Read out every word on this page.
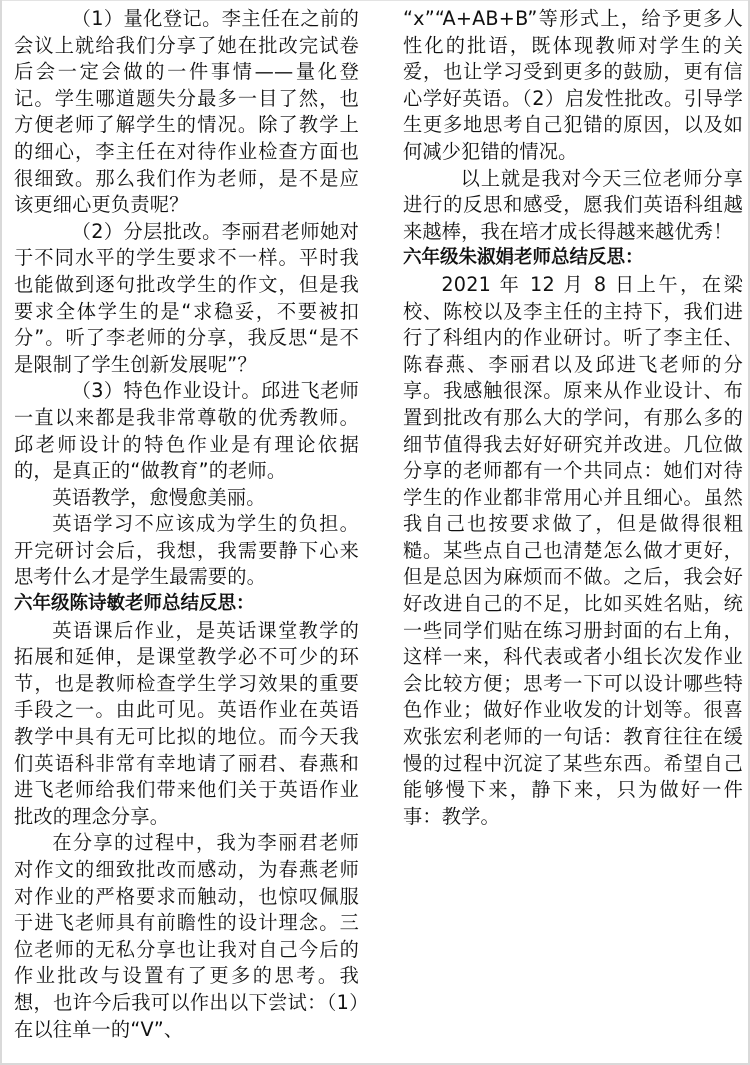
（1）量化登记。李主任在之前的会议上就给我们分享了她在批改完试卷后会一定会做的一件事情——量化登记。学生哪道题失分最多一目了然，也方便老师了解学生的情况。除了教学上的细心，李主任在对待作业检查方面也很细致。那么我们作为老师，是不是应该更细心更负责呢？

（2）分层批改。李丽君老师她对于不同水平的学生要求不一样。平时我也能做到逐句批改学生的作文，但是我要求全体学生的是“求稳妥，不要被扣分”。听了李老师的分享，我反思“是不是限制了学生创新发展呢”？

（3）特色作业设计。邱进飞老师一直以来都是我非常尊敬的优秀教师。邱老师设计的特色作业是有理论依据的，是真正的“做教育”的老师。

英语教学，愈慢愈美丽。

英语学习不应该成为学生的负担。开完研讨会后，我想，我需要静下心来思考什么才是学生最需要的。

六年级陈诗敏老师总结反思：

英语课后作业，是英话课堂教学的拓展和延伸，是课堂教学必不可少的环节，也是教师检查学生学习效果的重要手段之一。由此可见。英语作业在英语教学中具有无可比拟的地位。而今天我们英语科非常有幸地请了丽君、春燕和进飞老师给我们带来他们关于英语作业批改的理念分享。

在分享的过程中，我为李丽君老师对作文的细致批改而感动，为春燕老师对作业的严格要求而触动，也惊叹佩服于进飞老师具有前瞻性的设计理念。三位老师的无私分享也让我对自己今后的作业批改与设置有了更多的思考。我想，也许今后我可以作出以下尝试：（1）在以往单一的“V”、

“x”“A+AB+B”等形式上，给予更多人性化的批语，既体现教师对学生的关爱，也让学习受到更多的鼓励，更有信心学好英语。（2）启发性批改。引导学生更多地思考自己犯错的原因，以及如何减少犯错的情况。

以上就是我对今天三位老师分享进行的反思和感受，愿我们英语科组越来越棒，我在培才成长得越来越优秀！

六年级朱淑娟老师总结反思：

2021 年 12 月 8 日上午，在梁校、陈校以及李主任的主持下，我们进行了科组内的作业研讨。听了李主任、陈春燕、李丽君以及邱进飞老师的分享。我感触很深。原来从作业设计、布置到批改有那么大的学问，有那么多的细节值得我去好好研究并改进。几位做分享的老师都有一个共同点：她们对待学生的作业都非常用心并且细心。虽然我自己也按要求做了，但是做得很粗糙。某些点自己也清楚怎么做才更好，但是总因为麻烦而不做。之后，我会好好改进自己的不足，比如买姓名贴，统一些同学们贴在练习册封面的右上角，这样一来，科代表或者小组长次发作业会比较方便；思考一下可以设计哪些特色作业；做好作业收发的计划等。很喜欢张宏利老师的一句话：教育往往在缓慢的过程中沉淀了某些东西。希望自己能够慢下来，静下来，只为做好一件事：教学。
